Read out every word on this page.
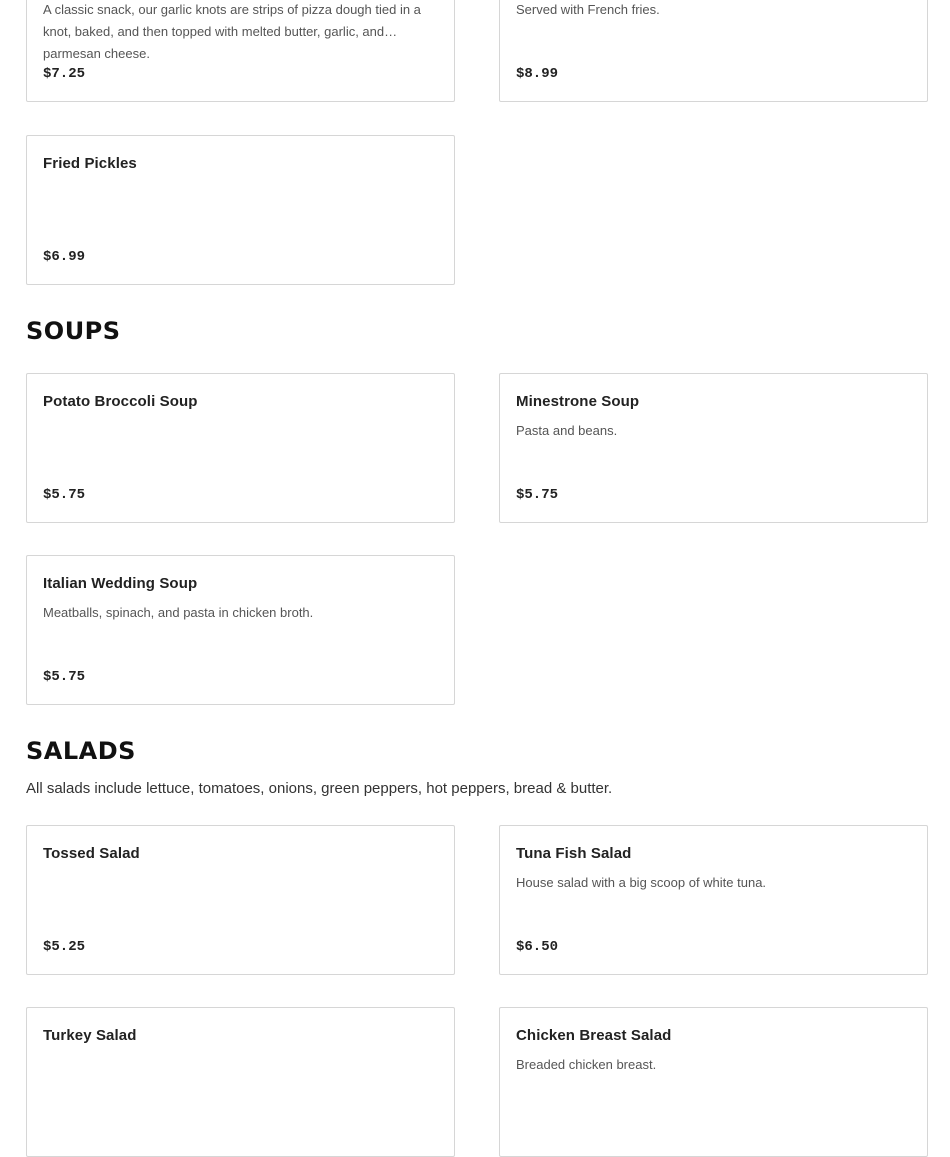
A classic snack, our garlic knots are strips of pizza dough tied in a knot, baked, and then topped with melted butter, garlic, and parmesan cheese.
$7.25
Served with French fries.
$8.99
Fried Pickles
$6.99
SOUPS
Potato Broccoli Soup
$5.75
Minestrone Soup
Pasta and beans.
$5.75
Italian Wedding Soup
Meatballs, spinach, and pasta in chicken broth.
$5.75
SALADS

All salads include lettuce, tomatoes, onions, green peppers, hot peppers, bread & butter.

Tossed Salad
$5.25
Tuna Fish Salad
House salad with a big scoop of white tuna.
$6.50
Turkey Salad	Chicken Breast Salad
Breaded chicken breast.
